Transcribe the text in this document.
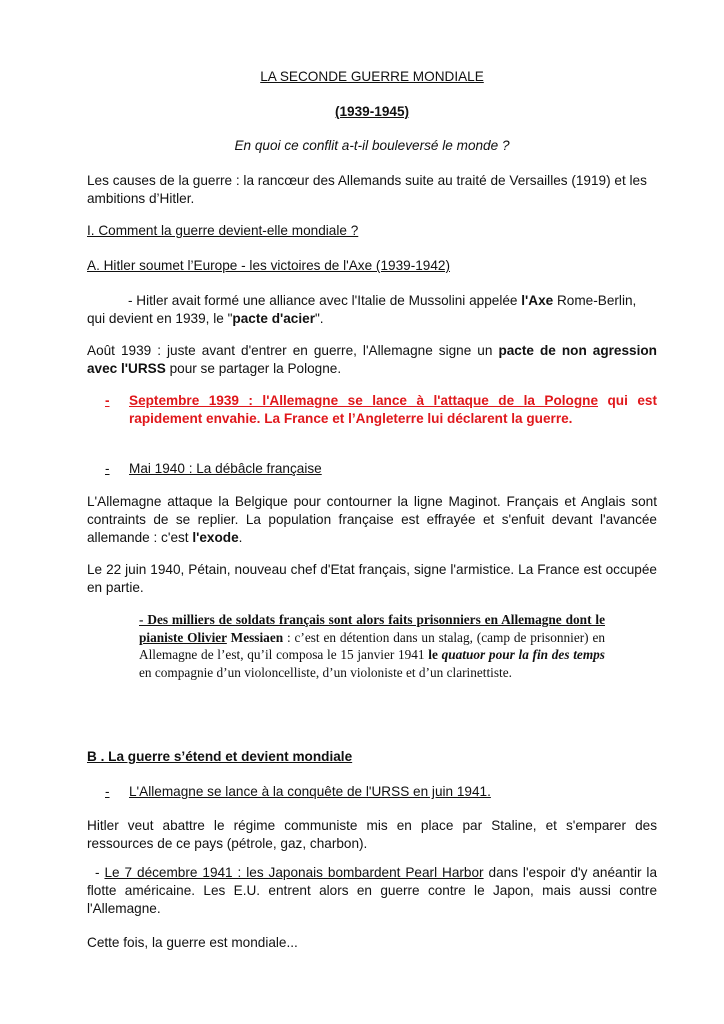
LA SECONDE GUERRE MONDIALE

(1939-1945)

En quoi ce conflit a-t-il bouleversé le monde ?

Les causes de la guerre : la rancœur des Allemands suite au traité de Versailles (1919) et les ambitions d’Hitler.

I. Comment la guerre devient-elle mondiale ?

A. Hitler soumet l’Europe - les victoires de l'Axe (1939-1942)

- Hitler avait formé une alliance avec l'Italie de Mussolini appelée l'Axe Rome-Berlin, qui devient en 1939, le "pacte d'acier".

Août 1939 : juste avant d'entrer en guerre, l'Allemagne signe un pacte de non agression avec l'URSS pour se partager la Pologne.

- Septembre 1939 : l'Allemagne se lance à l'attaque de la Pologne qui est rapidement envahie. La France et l’Angleterre lui déclarent la guerre.

- Mai 1940 : La débâcle française

L'Allemagne attaque la Belgique pour contourner la ligne Maginot. Français et Anglais sont contraints de se replier. La population française est effrayée et s'enfuit devant l'avancée allemande : c'est l'exode.

Le 22 juin 1940, Pétain, nouveau chef d'Etat français, signe l'armistice. La France est occupée en partie.

- Des milliers de soldats français sont alors faits prisonniers en Allemagne dont le pianiste Olivier Messiaen : c’est en détention dans un stalag, (camp de prisonnier) en Allemagne de l’est, qu’il composa le 15 janvier 1941 le quatuor pour la fin des temps en compagnie d’un violoncelliste, d’un violoniste et d’un clarinettiste.

B . La guerre s’étend et devient mondiale

- L'Allemagne se lance à la conquête de l'URSS en juin 1941.

Hitler veut abattre le régime communiste mis en place par Staline, et s'emparer des ressources de ce pays (pétrole, gaz, charbon).

- Le 7 décembre 1941 : les Japonais bombardent Pearl Harbor dans l'espoir d'y anéantir la flotte américaine. Les E.U. entrent alors en guerre contre le Japon, mais aussi contre l'Allemagne.

Cette fois, la guerre est mondiale...
